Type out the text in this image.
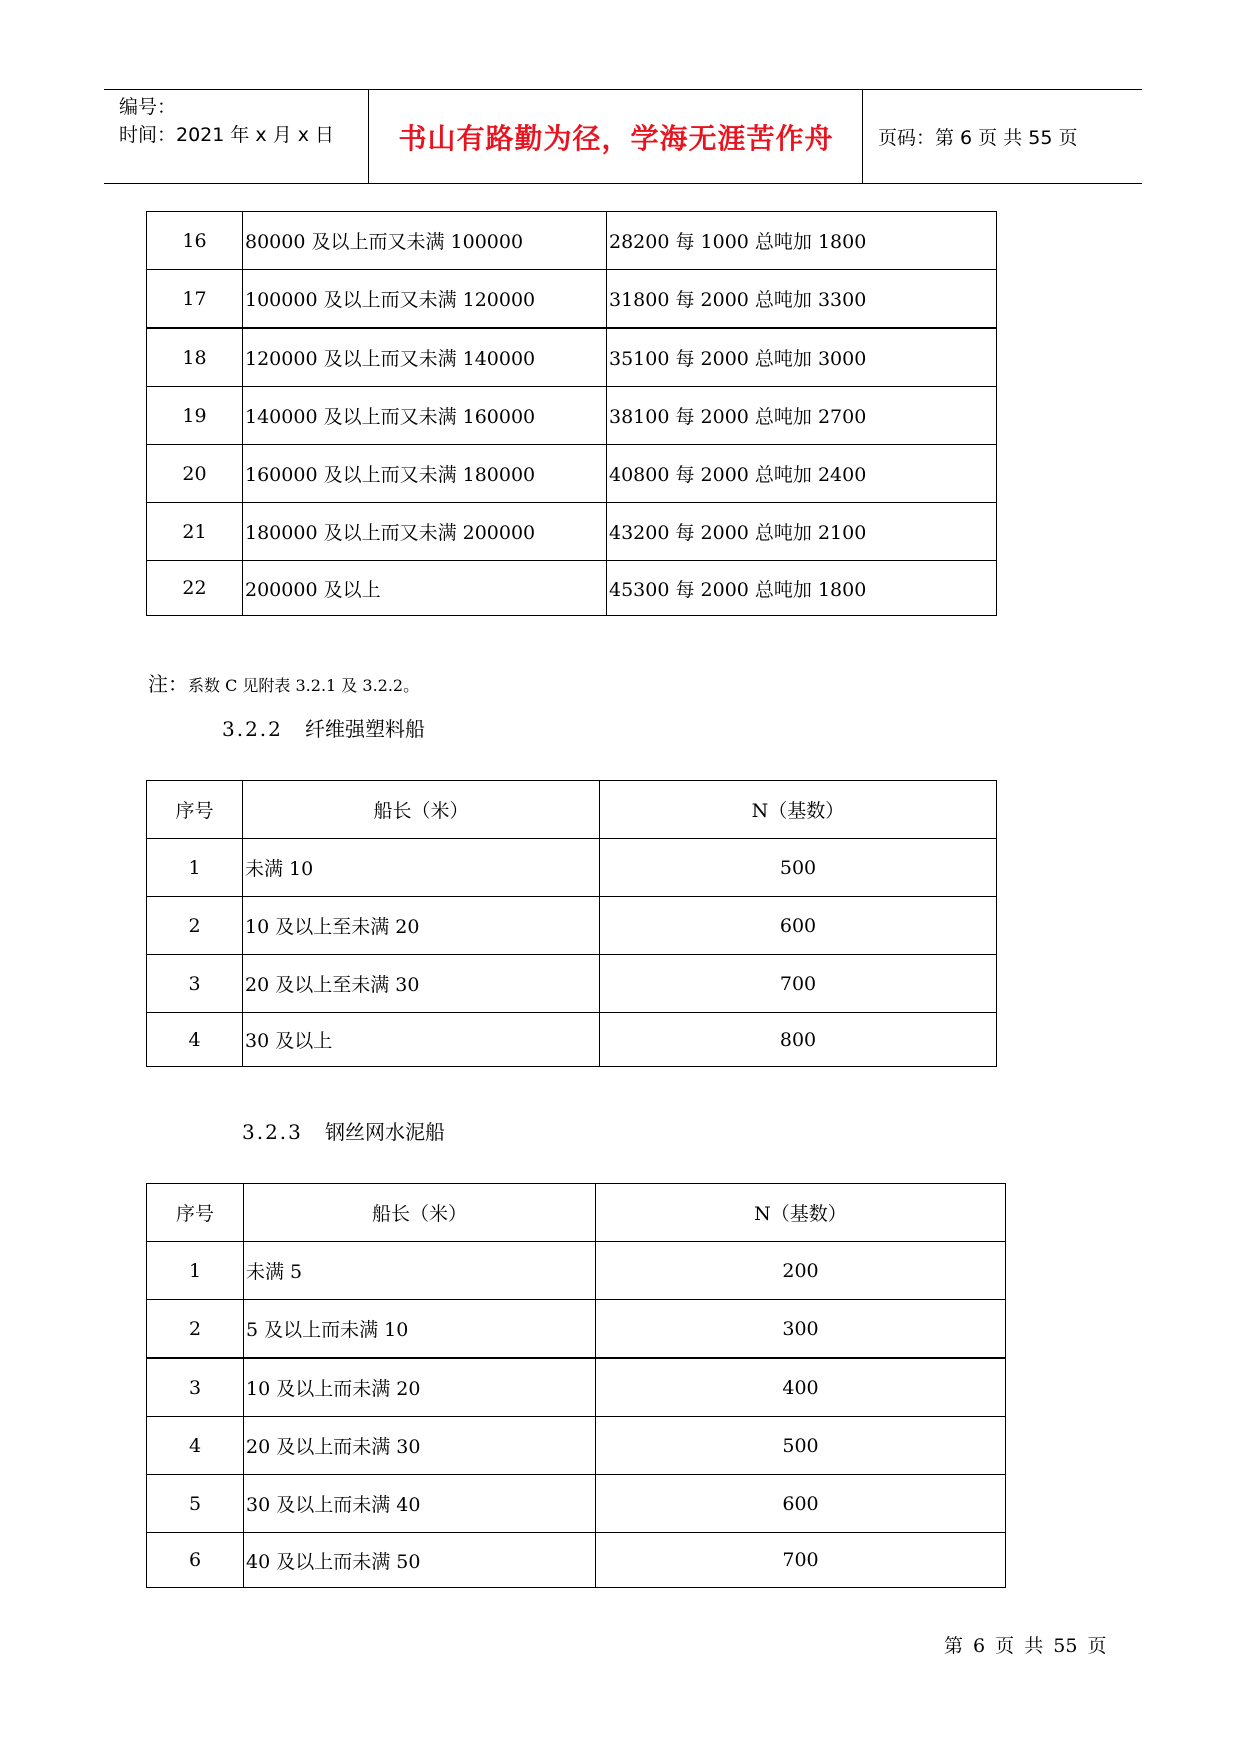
编号：
时间：2021 年 x 月 x 日 书山有路勤为径，学海无涯苦作舟 页码：第 6 页 共 55 页
16	80000 及以上而又未满 100000	28200 每 1000 总吨加 1800
17	100000 及以上而又未满 120000	31800 每 2000 总吨加 3300
18	120000 及以上而又未满 140000	35100 每 2000 总吨加 3000
19	140000 及以上而又未满 160000	38100 每 2000 总吨加 2700
20	160000 及以上而又未满 180000	40800 每 2000 总吨加 2400
21	180000 及以上而又未满 200000	43200 每 2000 总吨加 2100
22	200000 及以上	45300 每 2000 总吨加 1800
注：系数 C 见附表 3.2.1 及 3.2.2。
3.2.2 纤维强塑料船
序号	船长（米）	N（基数）
1	未满 10	500
2	10 及以上至未满 20	600
3	20 及以上至未满 30	700
4	30 及以上	800
3.2.3 钢丝网水泥船
序号	船长（米）	N（基数）
1	未满 5	200
2	5 及以上而未满 10	300
3	10 及以上而未满 20	400
4	20 及以上而未满 30	500
5	30 及以上而未满 40	600
6	40 及以上而未满 50	700
第 6 页 共 55 页
